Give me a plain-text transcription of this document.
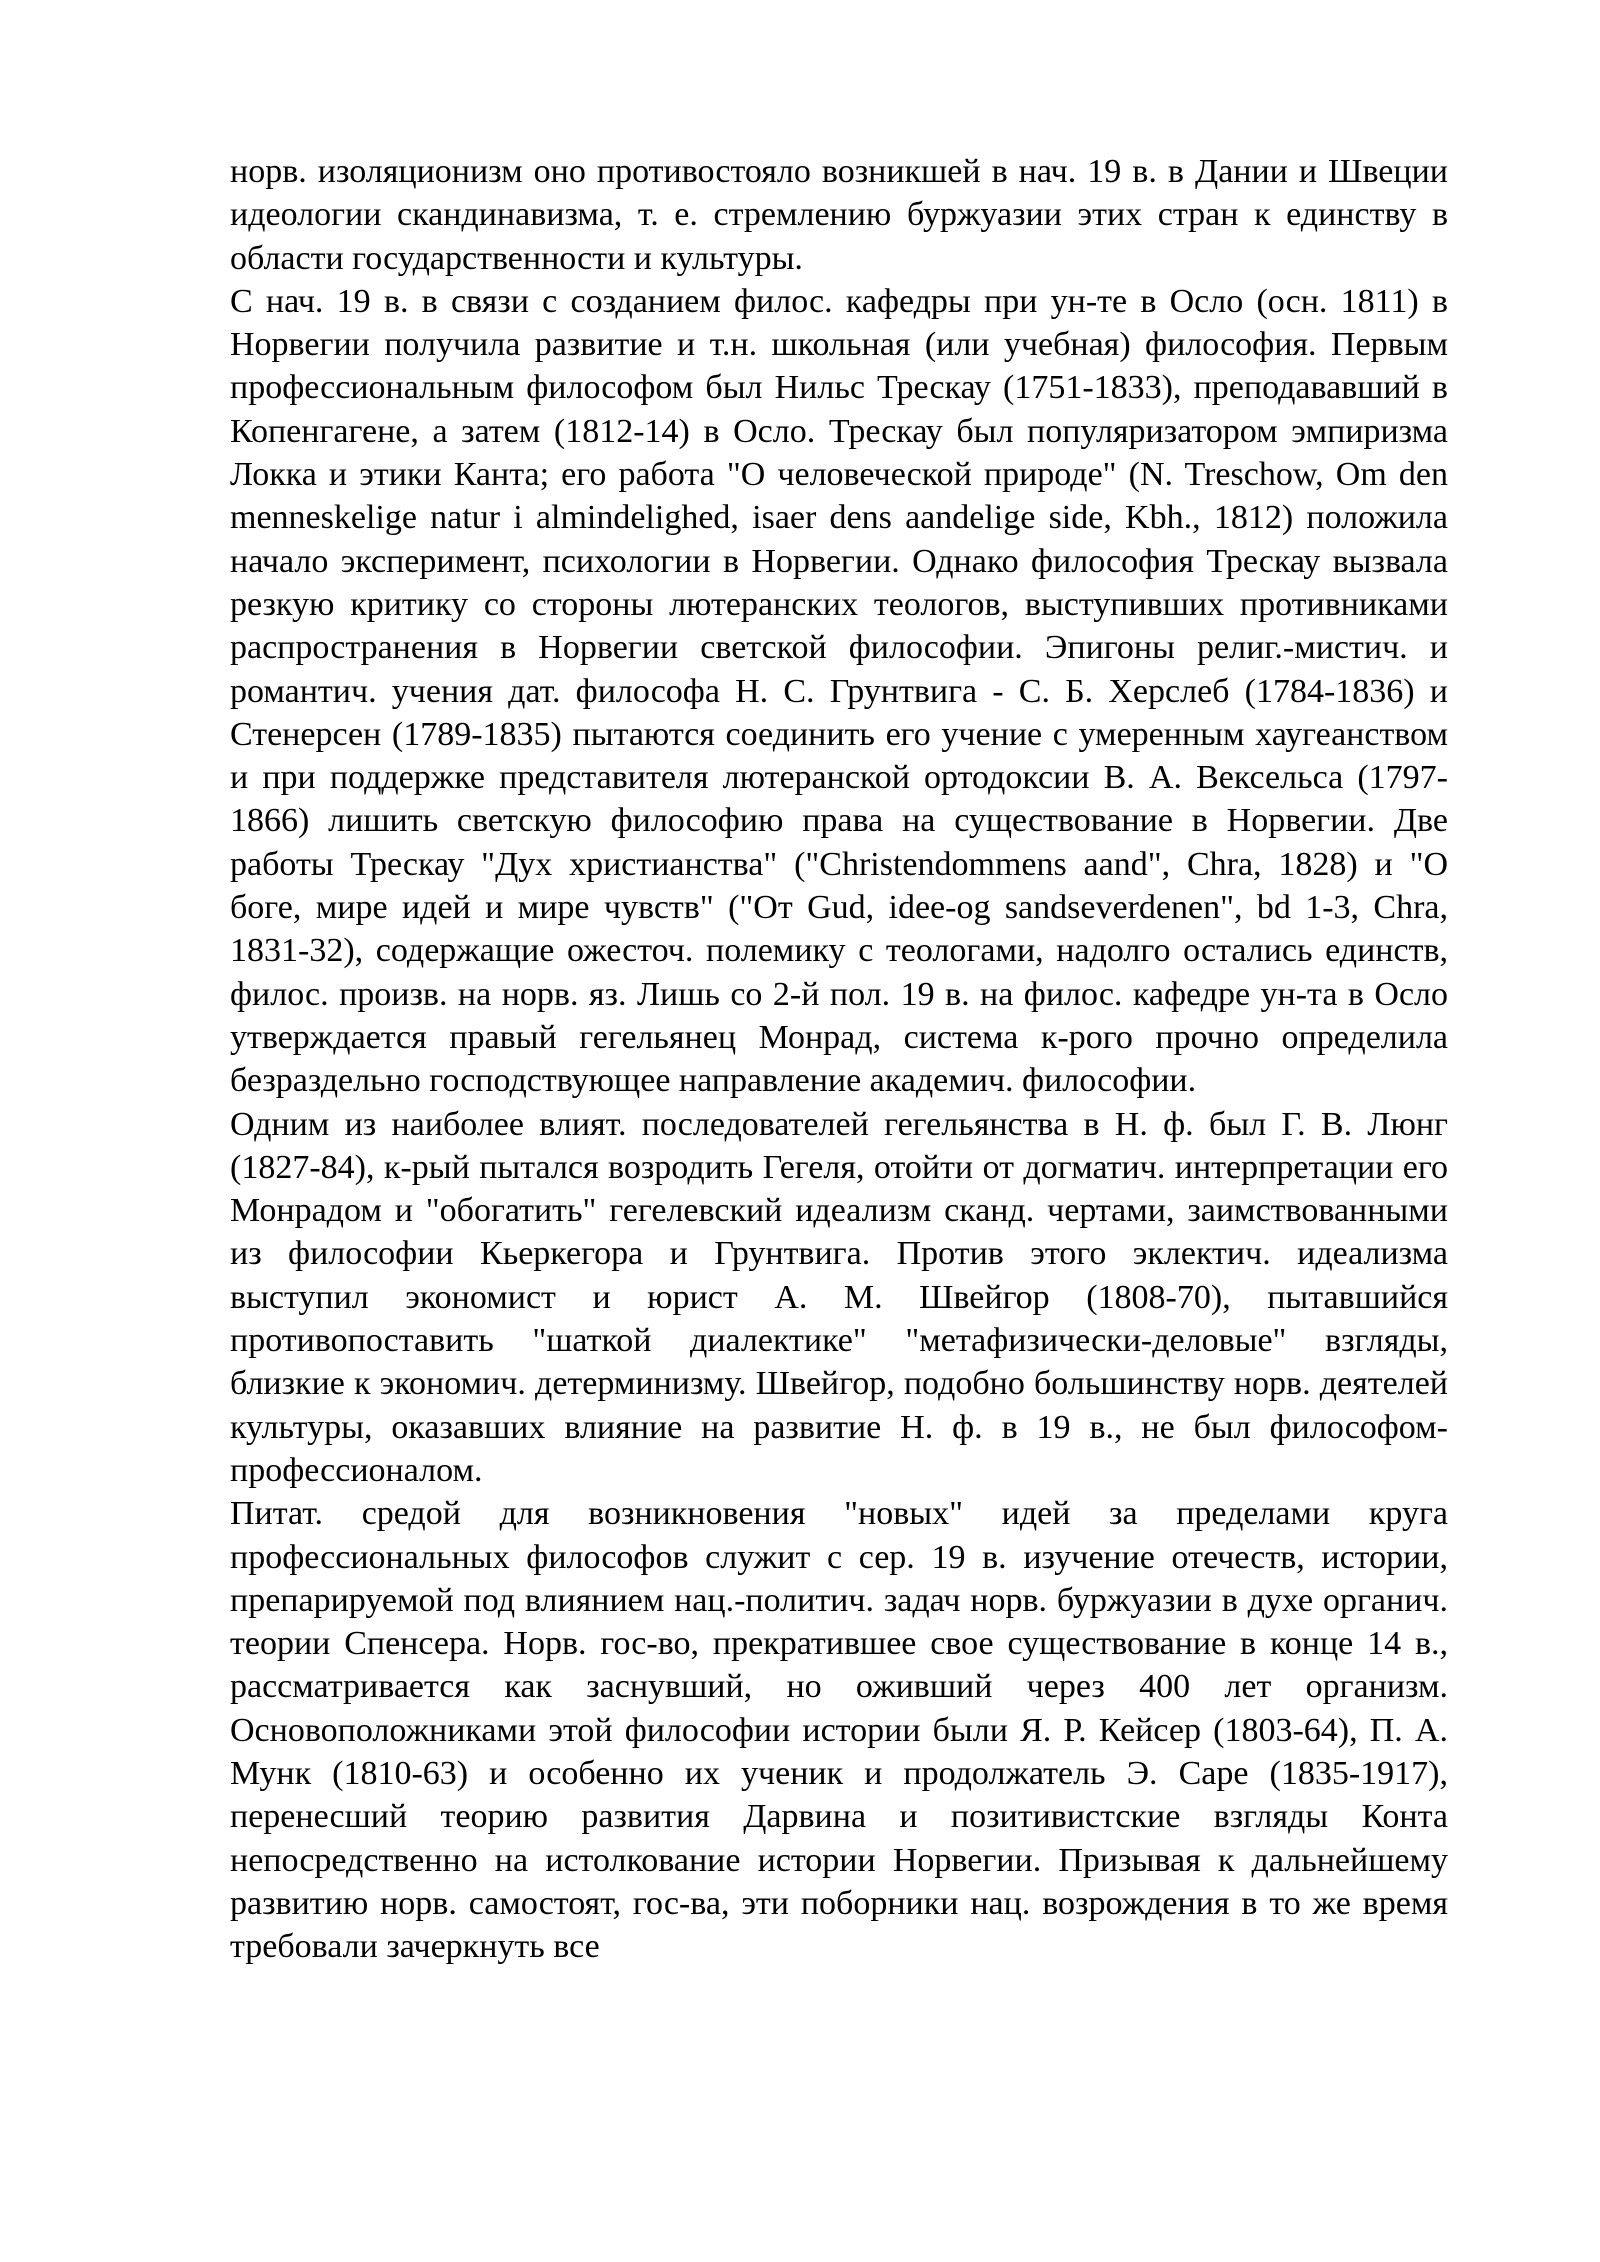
норв. изоляционизм оно противостояло возникшей в нач. 19 в. в Дании и Швеции идеологии скандинавизма, т. е. стремлению буржуазии этих стран к единству в области государственности и культуры.

С нач. 19 в. в связи с созданием филос. кафедры при ун-те в Осло (осн. 1811) в Норвегии получила развитие и т.н. школьная (или учебная) философия. Первым профессиональным философом был Нильс Трескау (1751-1833), преподававший в Копенгагене, а затем (1812-14) в Осло. Трескау был популяризатором эмпиризма Локка и этики Канта; его работа "О человеческой природе" (N. Treschow, Om den menneskelige natur i almindelighed, isaer dens aandelige side, Kbh., 1812) положила начало эксперимент, психологии в Норвегии. Однако философия Трескау вызвала резкую критику со стороны лютеранских теологов, выступивших противниками распространения в Норвегии светской философии. Эпигоны религ.-мистич. и романтич. учения дат. философа Н. С. Грунтвига - С. Б. Херслеб (1784-1836) и Стенерсен (1789-1835) пытаются соединить его учение с умеренным хаугеанством и при поддержке представителя лютеранской ортодоксии В. А. Вексельса (1797-1866) лишить светскую философию права на существование в Норвегии. Две работы Трескау "Дух христианства" ("Christendommens aand", Chra, 1828) и "О боге, мире идей и мире чувств" ("От Gud, idee-og sandseverdenen", bd 1-3, Chra, 1831-32), содержащие ожесточ. полемику с теологами, надолго остались единств, филос. произв. на норв. яз. Лишь со 2-й пол. 19 в. на филос. кафедре ун-та в Осло утверждается правый гегельянец Монрад, система к-рого прочно определила безраздельно господствующее направление академич. философии.

Одним из наиболее влият. последователей гегельянства в Н. ф. был Г. В. Люнг (1827-84), к-рый пытался возродить Гегеля, отойти от догматич. интерпретации его Монрадом и "обогатить" гегелевский идеализм сканд. чертами, заимствованными из философии Кьеркегора и Грунтвига. Против этого эклектич. идеализма выступил экономист и юрист А. М. Швейгор (1808-70), пытавшийся противопоставить "шаткой диалектике" "метафизически-деловые" взгляды, близкие к экономич. детерминизму. Швейгор, подобно большинству норв. деятелей культуры, оказавших влияние на развитие Н. ф. в 19 в., не был философом-профессионалом.

Питат. средой для возникновения "новых" идей за пределами круга профессиональных философов служит с сер. 19 в. изучение отечеств, истории, препарируемой под влиянием нац.-политич. задач норв. буржуазии в духе органич. теории Спенсера. Норв. гос-во, прекратившее свое существование в конце 14 в., рассматривается как заснувший, но оживший через 400 лет организм. Основоположниками этой философии истории были Я. Р. Кейсер (1803-64), П. А. Мунк (1810-63) и особенно их ученик и продолжатель Э. Саре (1835-1917), перенесший теорию развития Дарвина и позитивистские взгляды Конта непосредственно на истолкование истории Норвегии. Призывая к дальнейшему развитию норв. самостоят, гос-ва, эти поборники нац. возрождения в то же время требовали зачеркнуть все
